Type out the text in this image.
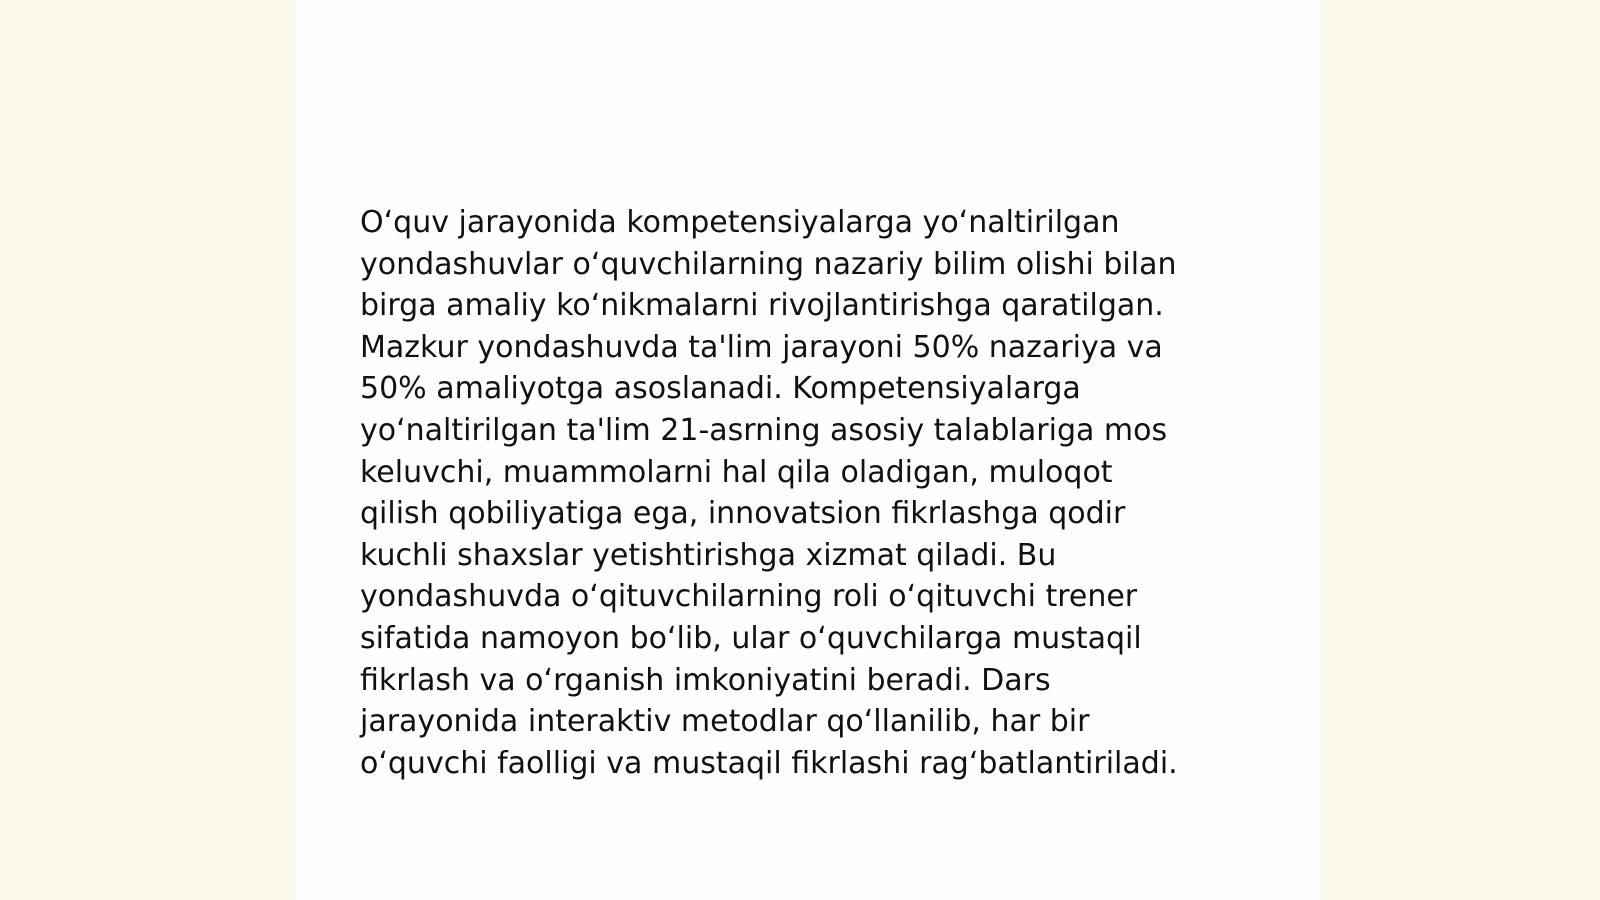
O‘quv jarayonida kompetensiyalarga yo‘naltirilgan
yondashuvlar o‘quvchilarning nazariy bilim olishi bilan
birga amaliy ko‘nikmalarni rivojlantirishga qaratilgan.
Mazkur yondashuvda ta'lim jarayoni 50% nazariya va
50% amaliyotga asoslanadi. Kompetensiyalarga
yo‘naltirilgan ta'lim 21-asrning asosiy talablariga mos
keluvchi, muammolarni hal qila oladigan, muloqot
qilish qobiliyatiga ega, innovatsion fikrlashga qodir
kuchli shaxslar yetishtirishga xizmat qiladi. Bu
yondashuvda o‘qituvchilarning roli o‘qituvchi trener
sifatida namoyon bo‘lib, ular o‘quvchilarga mustaqil
fikrlash va o‘rganish imkoniyatini beradi. Dars
jarayonida interaktiv metodlar qo‘llanilib, har bir
o‘quvchi faolligi va mustaqil fikrlashi rag‘batlantiriladi.
